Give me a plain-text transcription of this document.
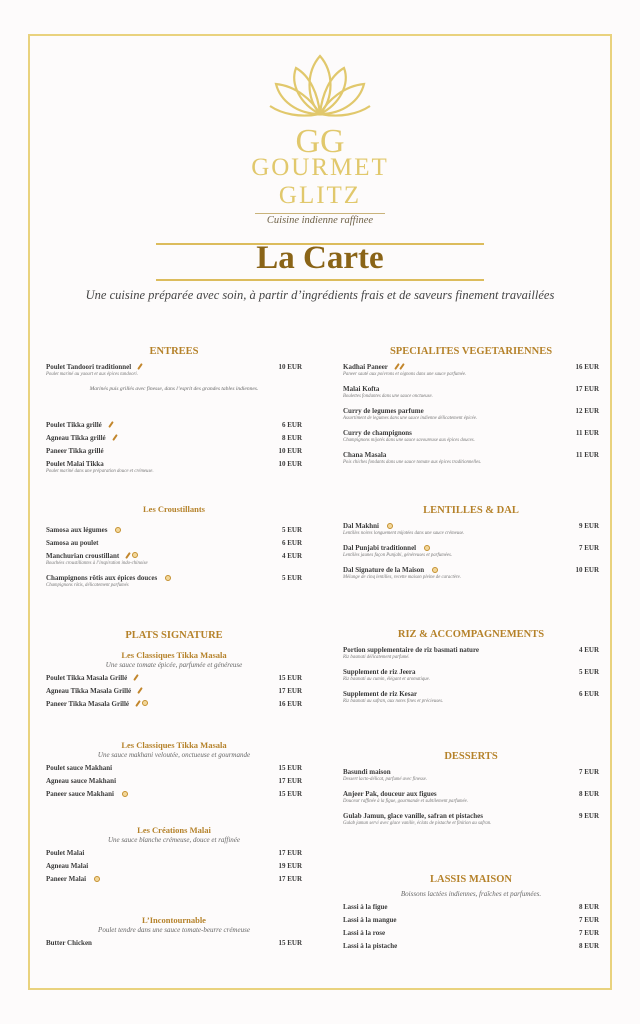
GG
GOURMET
GLITZ
Cuisine indienne raffinee
La Carte
Une cuisine préparée avec soin, à partir d’ingrédients frais et de saveurs finement travaillées
ENTREES
Poulet Tandoori traditionnel	10 EUR
Poulet mariné au yaourt et aux épices tandoori.
Marinés puis grillés avec finesse, dans l’esprit des grandes tables indiennes.
Poulet Tikka grillé	6 EUR
Agneau Tikka grillé	8 EUR
Paneer Tikka grillé	10 EUR
Poulet Malai Tikka	10 EUR
Poulet mariné dans une préparation douce et crémeuse.
Les Croustillants
Samosa aux légumes	5 EUR
Samosa au poulet	6 EUR
Manchurian croustillant	4 EUR
Bouchées croustillantes à l’inspiration indo-chinoise
Champignons rôtis aux épices douces	5 EUR
Champignons rôtis, délicatement parfumés
PLATS SIGNATURE
Les Classiques Tikka Masala
Une sauce tomate épicée, parfumée et généreuse
Poulet Tikka Masala Grillé	15 EUR
Agneau Tikka Masala Grillé	17 EUR
Paneer Tikka Masala Grillé	16 EUR
Les Classiques Tikka Masala
Une sauce makhani veloutée, onctueuse et gourmande
Poulet sauce Makhani	15 EUR
Agneau sauce Makhani	17 EUR
Paneer sauce Makhani	15 EUR
Les Créations Malai
Une sauce blanche crémeuse, douce et raffinée
Poulet Malai	17 EUR
Agneau Malai	19 EUR
Paneer Malai	17 EUR
L’Incontournable
Poulet tendre dans une sauce tomate-beurre crémeuse
Butter Chicken	15 EUR
SPECIALITES VEGETARIENNES
Kadhai Paneer	16 EUR
Paneer sauté aux poivrons et oignons dans une sauce parfumée.
Malai Kofta	17 EUR
Boulettes fondantes dans une sauce onctueuse.
Curry de legumes parfume	12 EUR
Assortiment de legumes dans une sauce indienne délicatement épicée.
Curry de champignons	11 EUR
Champignons mijotés dans une sauce savoureuse aux épices douces.
Chana Masala	11 EUR
Pois chiches fondants dans une sauce tomate aux épices traditionnelles.
LENTILLES & DAL
Dal Makhni	9 EUR
Lentilles noires longuement mijotées dans une sauce crémeuse.
Dal Punjabi traditionnel	7 EUR
Lentilles jaunes façon Punjabi, généreuses et parfumées.
Dal Signature de la Maison	10 EUR
Mélange de cinq lentilles, recette maison pleine de caractère.
RIZ & ACCOMPAGNEMENTS
Portion supplementaire de riz basmati nature	4 EUR
Riz basmati délicatement parfumé.
Supplement de riz Jeera	5 EUR
Riz basmati au cumin, élégant et aromatique.
Supplement de riz Kesar	6 EUR
Riz basmati au safran, aux notes fines et précieuses.
DESSERTS
Basundi maison	7 EUR
Dessert lacto-délicat, parfumé avec finesse.
Anjeer Pak, douceur aux figues	8 EUR
Douceur raffinée à la figue, gourmande et subtilement parfumée.
Gulab Jamun, glace vanille, safran et pistaches	9 EUR
Gulab jamun servi avec glace vanille, éclats de pistache et finition au safran.
LASSIS MAISON
Boissons lactées indiennes, fraîches et parfumées.
Lassi à la figue	8 EUR
Lassi à la mangue	7 EUR
Lassi à la rose	7 EUR
Lassi à la pistache	8 EUR
